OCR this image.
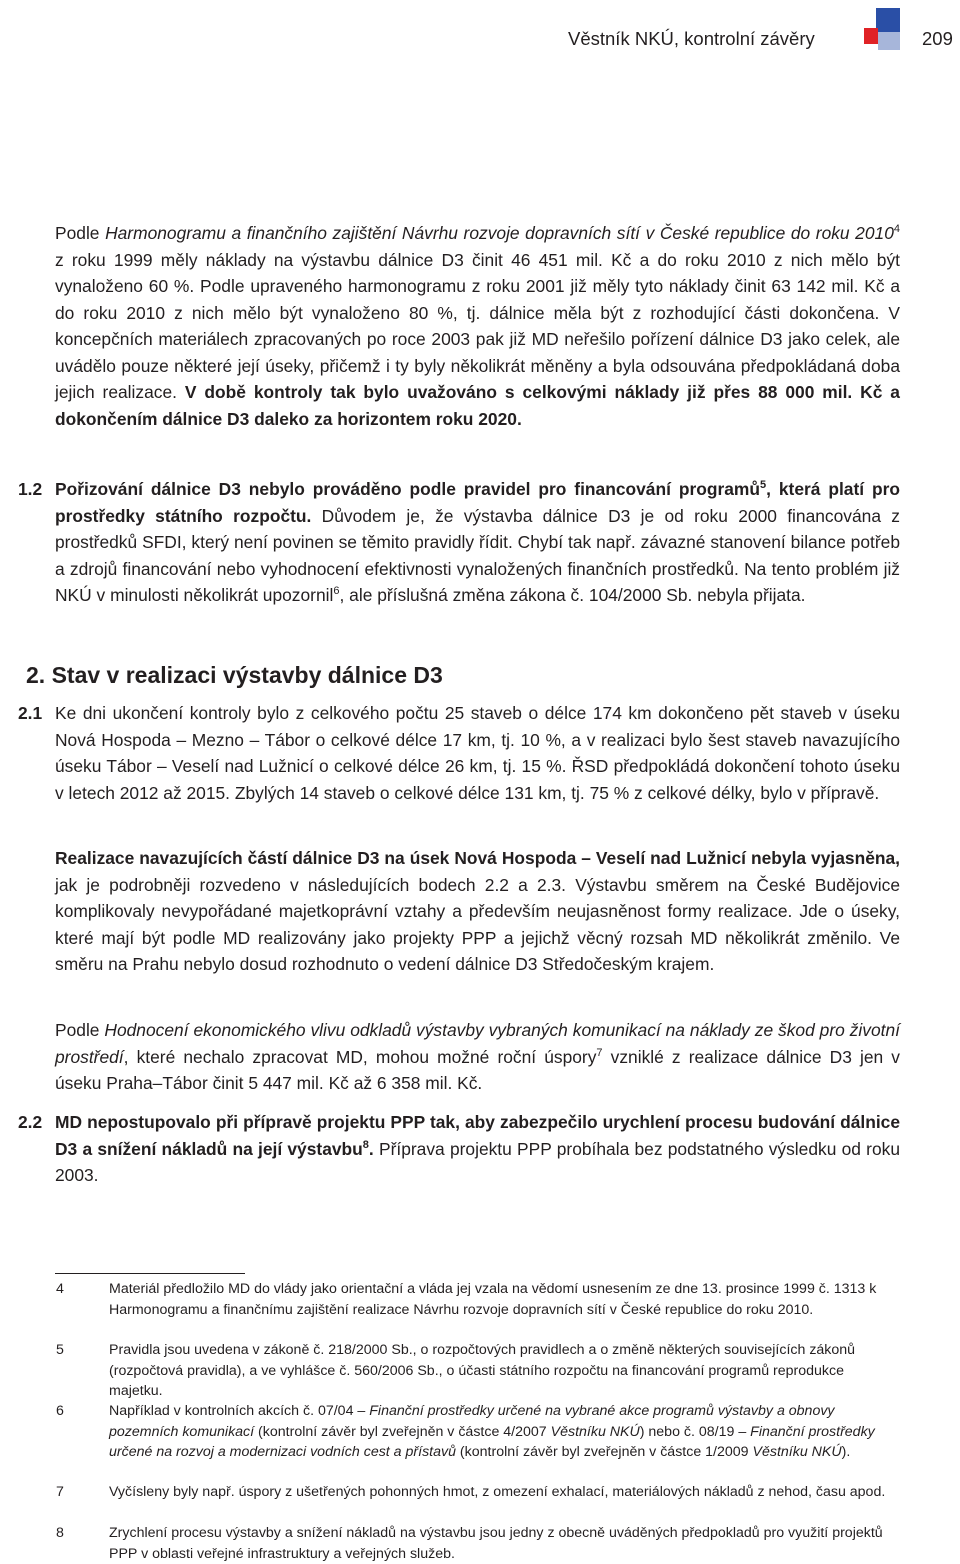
Věstník NKÚ, kontrolní závěry	209
Podle Harmonogramu a finančního zajištění Návrhu rozvoje dopravních sítí v České republice do roku 2010$^4$ z roku 1999 měly náklady na výstavbu dálnice D3 činit 46 451 mil. Kč a do roku 2010 z nich mělo být vynaloženo 60 %. Podle upraveného harmonogramu z roku 2001 již měly tyto náklady činit 63 142 mil. Kč a do roku 2010 z nich mělo být vynaloženo 80 %, tj. dálnice měla být z rozhodující části dokončena. V koncepčních materiálech zpracovaných po roce 2003 pak již MD neřešilo pořízení dálnice D3 jako celek, ale uvádělo pouze některé její úseky, přičemž i ty byly několikrát měněny a byla odsouvána předpokládaná doba jejich realizace. V době kontroly tak bylo uvažováno s celkovými náklady již přes 88 000 mil. Kč a dokončením dálnice D3 daleko za horizontem roku 2020.
1.2 Pořizování dálnice D3 nebylo prováděno podle pravidel pro financování programů$^5$, která platí pro prostředky státního rozpočtu. Důvodem je, že výstavba dálnice D3 je od roku 2000 financována z prostředků SFDI, který není povinen se těmito pravidly řídit. Chybí tak např. závazné stanovení bilance potřeb a zdrojů financování nebo vyhodnocení efektivnosti vynaložených finančních prostředků. Na tento problém již NKÚ v minulosti několikrát upozornil$^6$, ale příslušná změna zákona č. 104/2000 Sb. nebyla přijata.
2. Stav v realizaci výstavby dálnice D3
2.1 Ke dni ukončení kontroly bylo z celkového počtu 25 staveb o délce 174 km dokončeno pět staveb v úseku Nová Hospoda – Mezno – Tábor o celkové délce 17 km, tj. 10 %, a v realizaci bylo šest staveb navazujícího úseku Tábor – Veselí nad Lužnicí o celkové délce 26 km, tj. 15 %. ŘSD předpokládá dokončení tohoto úseku v letech 2012 až 2015. Zbylých 14 staveb o celkové délce 131 km, tj. 75 % z celkové délky, bylo v přípravě.
Realizace navazujících částí dálnice D3 na úsek Nová Hospoda – Veselí nad Lužnicí nebyla vyjasněna, jak je podrobněji rozvedeno v následujících bodech 2.2 a 2.3. Výstavbu směrem na České Budějovice komplikovaly nevypořádané majetkoprávní vztahy a především neujasněnost formy realizace. Jde o úseky, které mají být podle MD realizovány jako projekty PPP a jejichž věcný rozsah MD několikrát změnilo. Ve směru na Prahu nebylo dosud rozhodnuto o vedení dálnice D3 Středočeským krajem.
Podle Hodnocení ekonomického vlivu odkladů výstavby vybraných komunikací na náklady ze škod pro životní prostředí, které nechalo zpracovat MD, mohou možné roční úspory$^7$ vzniklé z realizace dálnice D3 jen v úseku Praha–Tábor činit 5 447 mil. Kč až 6 358 mil. Kč.
2.2 MD nepostupovalo při přípravě projektu PPP tak, aby zabezpečilo urychlení procesu budování dálnice D3 a snížení nákladů na její výstavbu$^8$. Příprava projektu PPP probíhala bez podstatného výsledku od roku 2003.
4	Materiál předložilo MD do vlády jako orientační a vláda jej vzala na vědomí usnesením ze dne 13. prosince 1999 č. 1313 k Harmonogramu a finančnímu zajištění realizace Návrhu rozvoje dopravních sítí v České republice do roku 2010.
5	Pravidla jsou uvedena v zákoně č. 218/2000 Sb., o rozpočtových pravidlech a o změně některých souvisejících zákonů (rozpočtová pravidla), a ve vyhlášce č. 560/2006 Sb., o účasti státního rozpočtu na financování programů reprodukce majetku.
6	Například v kontrolních akcích č. 07/04 – Finanční prostředky určené na vybrané akce programů výstavby a obnovy pozemních komunikací (kontrolní závěr byl zveřejněn v částce 4/2007 Věstníku NKÚ) nebo č. 08/19 – Finanční prostředky určené na rozvoj a modernizaci vodních cest a přístavů (kontrolní závěr byl zveřejněn v částce 1/2009 Věstníku NKÚ).
7	Vyčísleny byly např. úspory z ušetřených pohonných hmot, z omezení exhalací, materiálových nákladů z nehod, času apod.
8	Zrychlení procesu výstavby a snížení nákladů na výstavbu jsou jedny z obecně uváděných předpokladů pro využití projektů PPP v oblasti veřejné infrastruktury a veřejných služeb.
